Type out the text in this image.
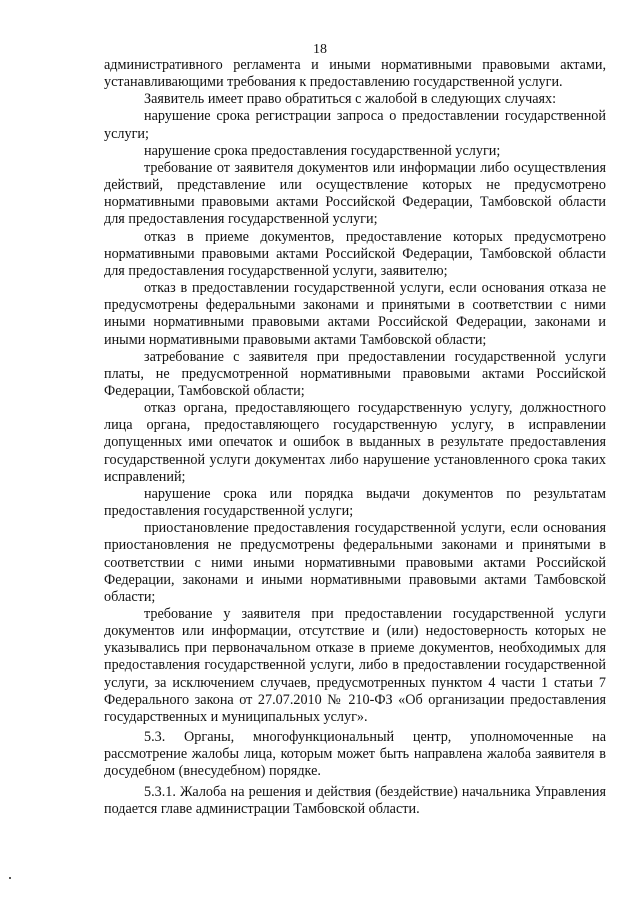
18

административного регламента и иными нормативными правовыми актами, устанавливающими требования к предоставлению государственной услуги.

Заявитель имеет право обратиться с жалобой в следующих случаях:

нарушение срока регистрации запроса о предоставлении государственной услуги;

нарушение срока предоставления государственной услуги;

требование от заявителя документов или информации либо осуществления действий, представление или осуществление которых не предусмотрено нормативными правовыми актами Российской Федерации, Тамбовской области для предоставления государственной услуги;

отказ в приеме документов, предоставление которых предусмотрено нормативными правовыми актами Российской Федерации, Тамбовской области для предоставления государственной услуги, заявителю;

отказ в предоставлении государственной услуги, если основания отказа не предусмотрены федеральными законами и принятыми в соответствии с ними иными нормативными правовыми актами Российской Федерации, законами и иными нормативными правовыми актами Тамбовской области;

затребование с заявителя при предоставлении государственной услуги платы, не предусмотренной нормативными правовыми актами Российской Федерации, Тамбовской области;

отказ органа, предоставляющего государственную услугу, должностного лица органа, предоставляющего государственную услугу, в исправлении допущенных ими опечаток и ошибок в выданных в результате предоставления государственной услуги документах либо нарушение установленного срока таких исправлений;

нарушение срока или порядка выдачи документов по результатам предоставления государственной услуги;

приостановление предоставления государственной услуги, если основания приостановления не предусмотрены федеральными законами и принятыми в соответствии с ними иными нормативными правовыми актами Российской Федерации, законами и иными нормативными правовыми актами Тамбовской области;

требование у заявителя при предоставлении государственной услуги документов или информации, отсутствие и (или) недостоверность которых не указывались при первоначальном отказе в приеме документов, необходимых для предоставления государственной услуги, либо в предоставлении государственной услуги, за исключением случаев, предусмотренных пунктом 4 части 1 статьи 7 Федерального закона от 27.07.2010 № 210-ФЗ «Об организации предоставления государственных и муниципальных услуг».

5.3. Органы, многофункциональный центр, уполномоченные на рассмотрение жалобы лица, которым может быть направлена жалоба заявителя в досудебном (внесудебном) порядке.

5.3.1. Жалоба на решения и действия (бездействие) начальника Управления подается главе администрации Тамбовской области.
